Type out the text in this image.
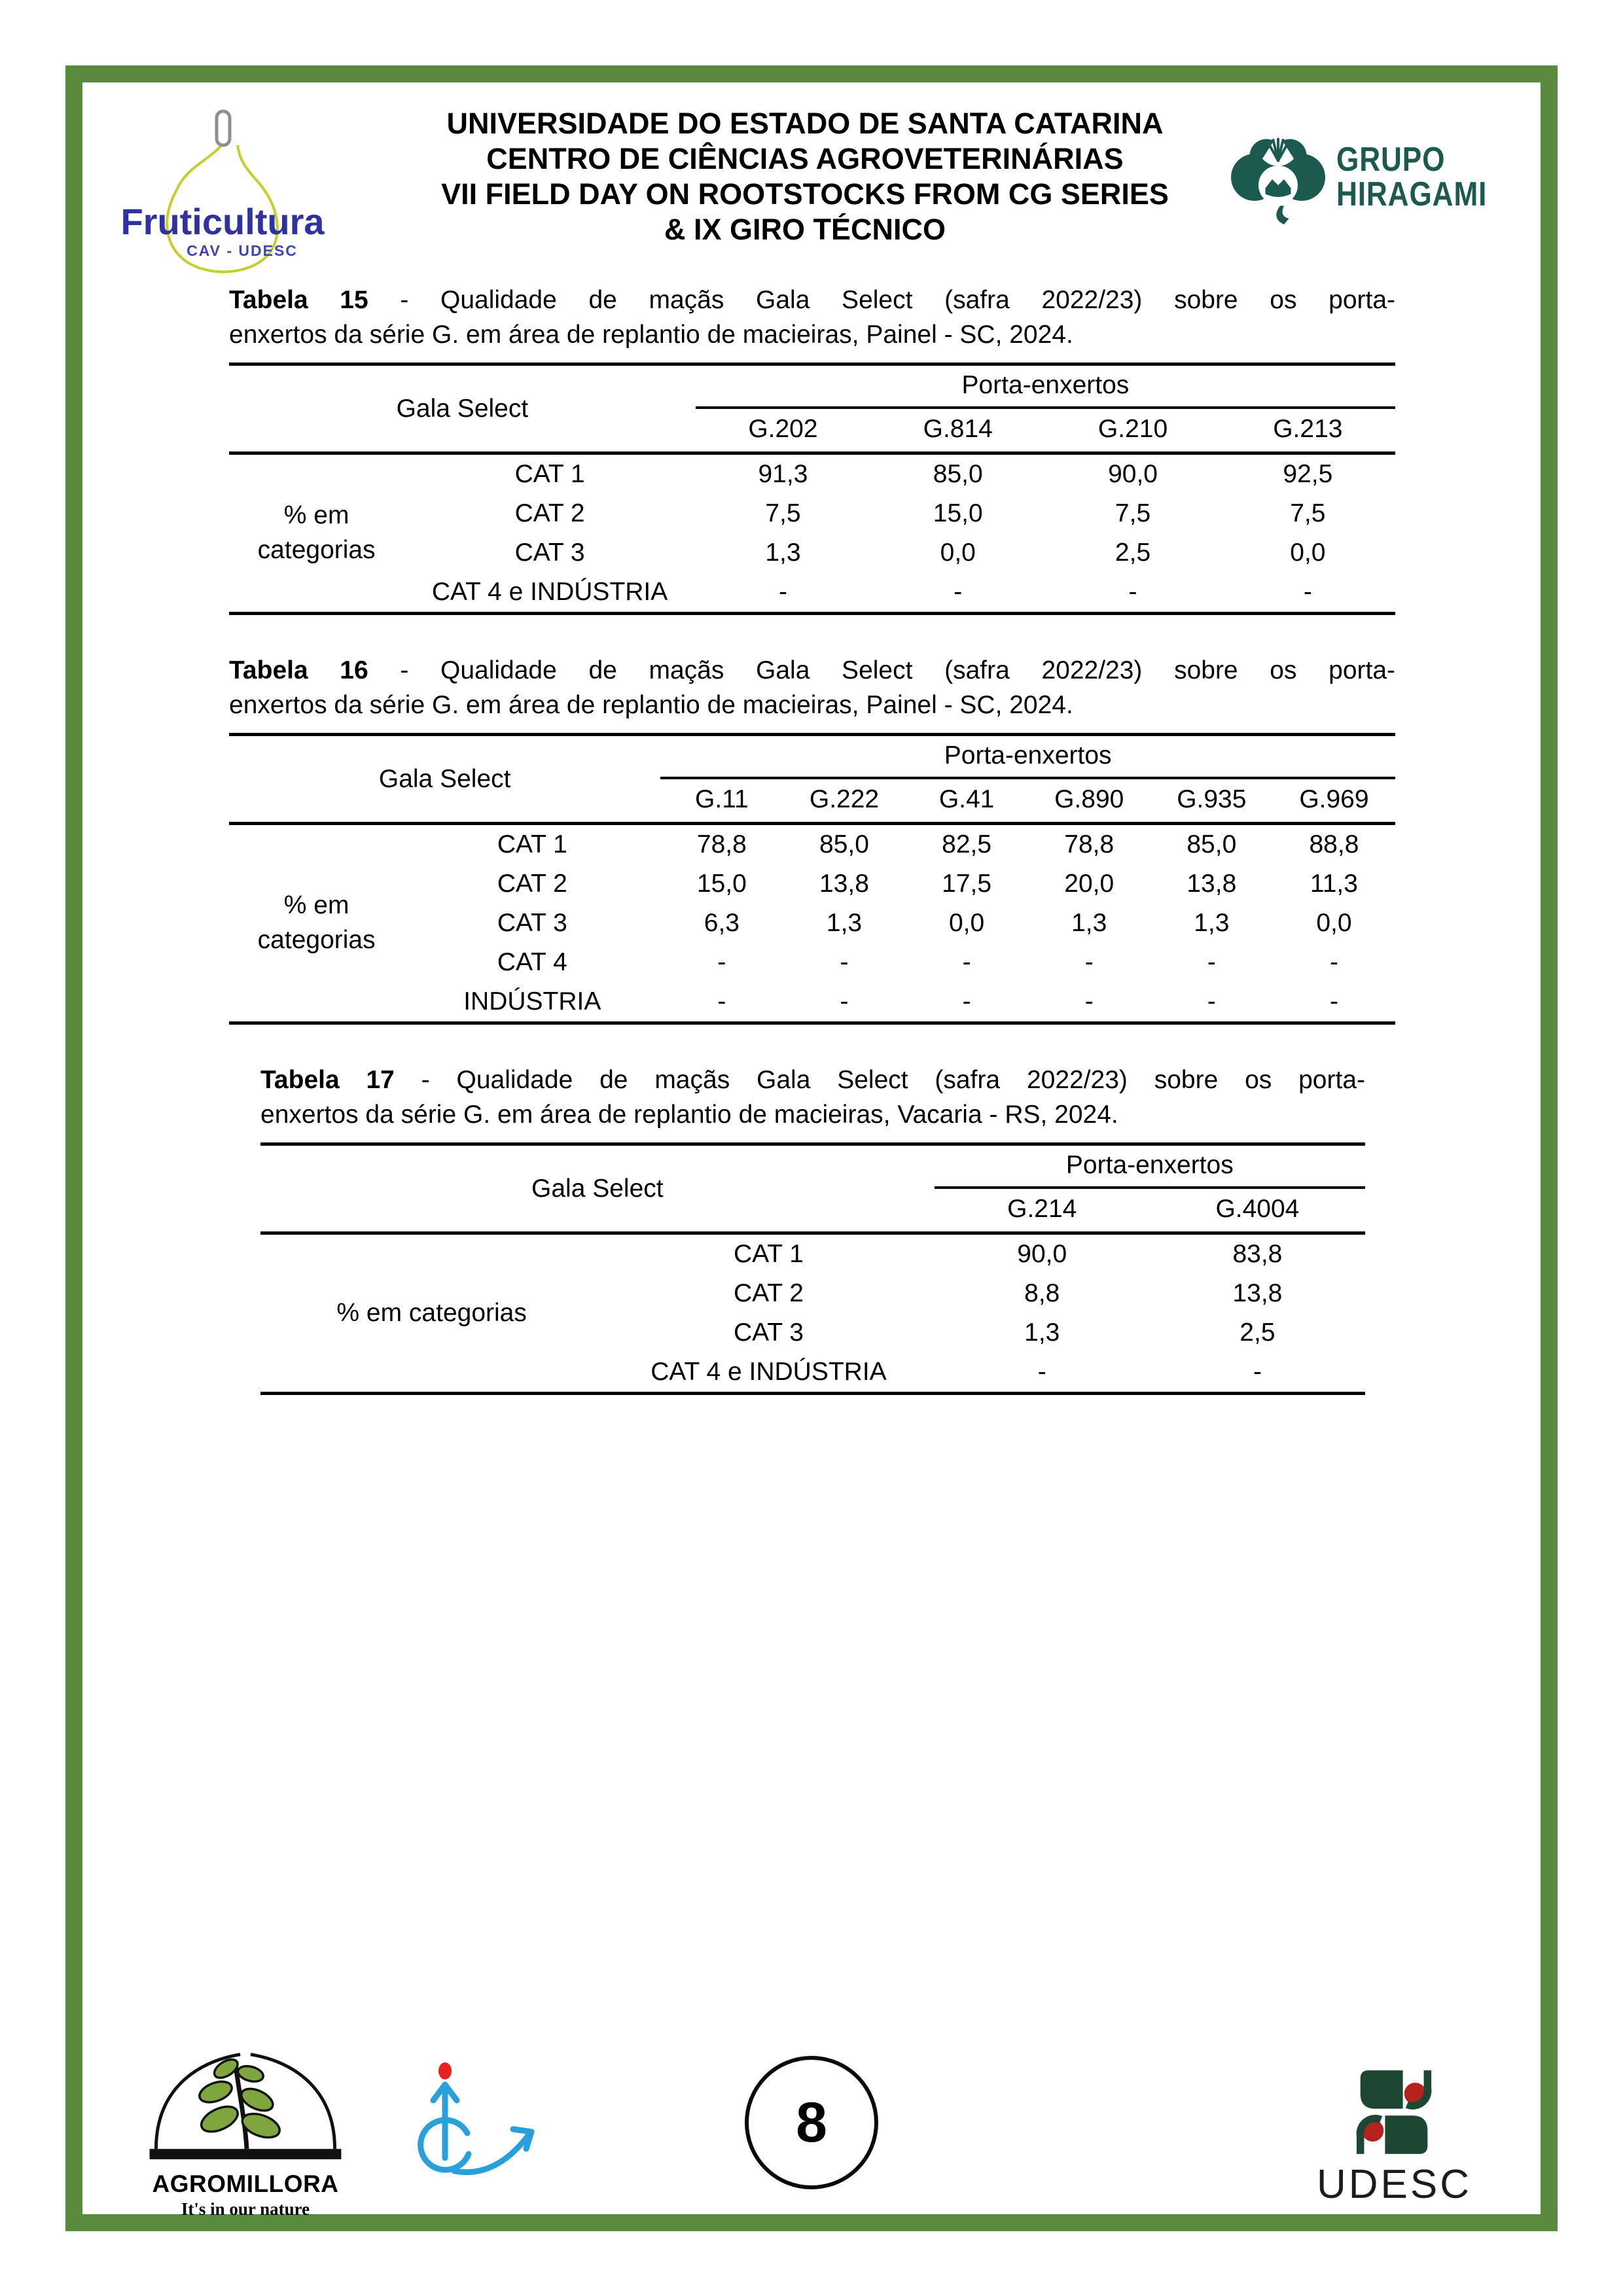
Fruticultura
CAV - UDESC
UNIVERSIDADE DO ESTADO DE SANTA CATARINA
CENTRO DE CIÊNCIAS AGROVETERINÁRIAS
VII FIELD DAY ON ROOTSTOCKS FROM CG SERIES
& IX GIRO TÉCNICO
GRUPO
HIRAGAMI

Tabela 15 - Qualidade de maçãs Gala Select (safra 2022/23) sobre os porta-
enxertos da série G. em área de replantio de macieiras, Painel - SC, 2024.

Gala Select		Porta-enxertos			
		G.202	G.814	G.210	G.213
% em categorias	CAT 1	91,3	85,0	90,0	92,5
	CAT 2	7,5	15,0	7,5	7,5
	CAT 3	1,3	0,0	2,5	0,0
	CAT 4 e INDÚSTRIA	-	-	-	-

Tabela 16 - Qualidade de maçãs Gala Select (safra 2022/23) sobre os porta-
enxertos da série G. em área de replantio de macieiras, Painel - SC, 2024.

Gala Select		Porta-enxertos					
		G.11	G.222	G.41	G.890	G.935	G.969
% em categorias	CAT 1	78,8	85,0	82,5	78,8	85,0	88,8
	CAT 2	15,0	13,8	17,5	20,0	13,8	11,3
	CAT 3	6,3	1,3	0,0	1,3	1,3	0,0
	CAT 4	-	-	-	-	-	-
	INDÚSTRIA	-	-	-	-	-	-

Tabela 17 - Qualidade de maçãs Gala Select (safra 2022/23) sobre os porta-
enxertos da série G. em área de replantio de macieiras, Vacaria - RS, 2024.

Gala Select		Porta-enxertos	
		G.214	G.4004
% em categorias	CAT 1	90,0	83,8
	CAT 2	8,8	13,8
	CAT 3	1,3	2,5
	CAT 4 e INDÚSTRIA	-	-
AGROMILLORA
It's in our nature
8
UDESC
